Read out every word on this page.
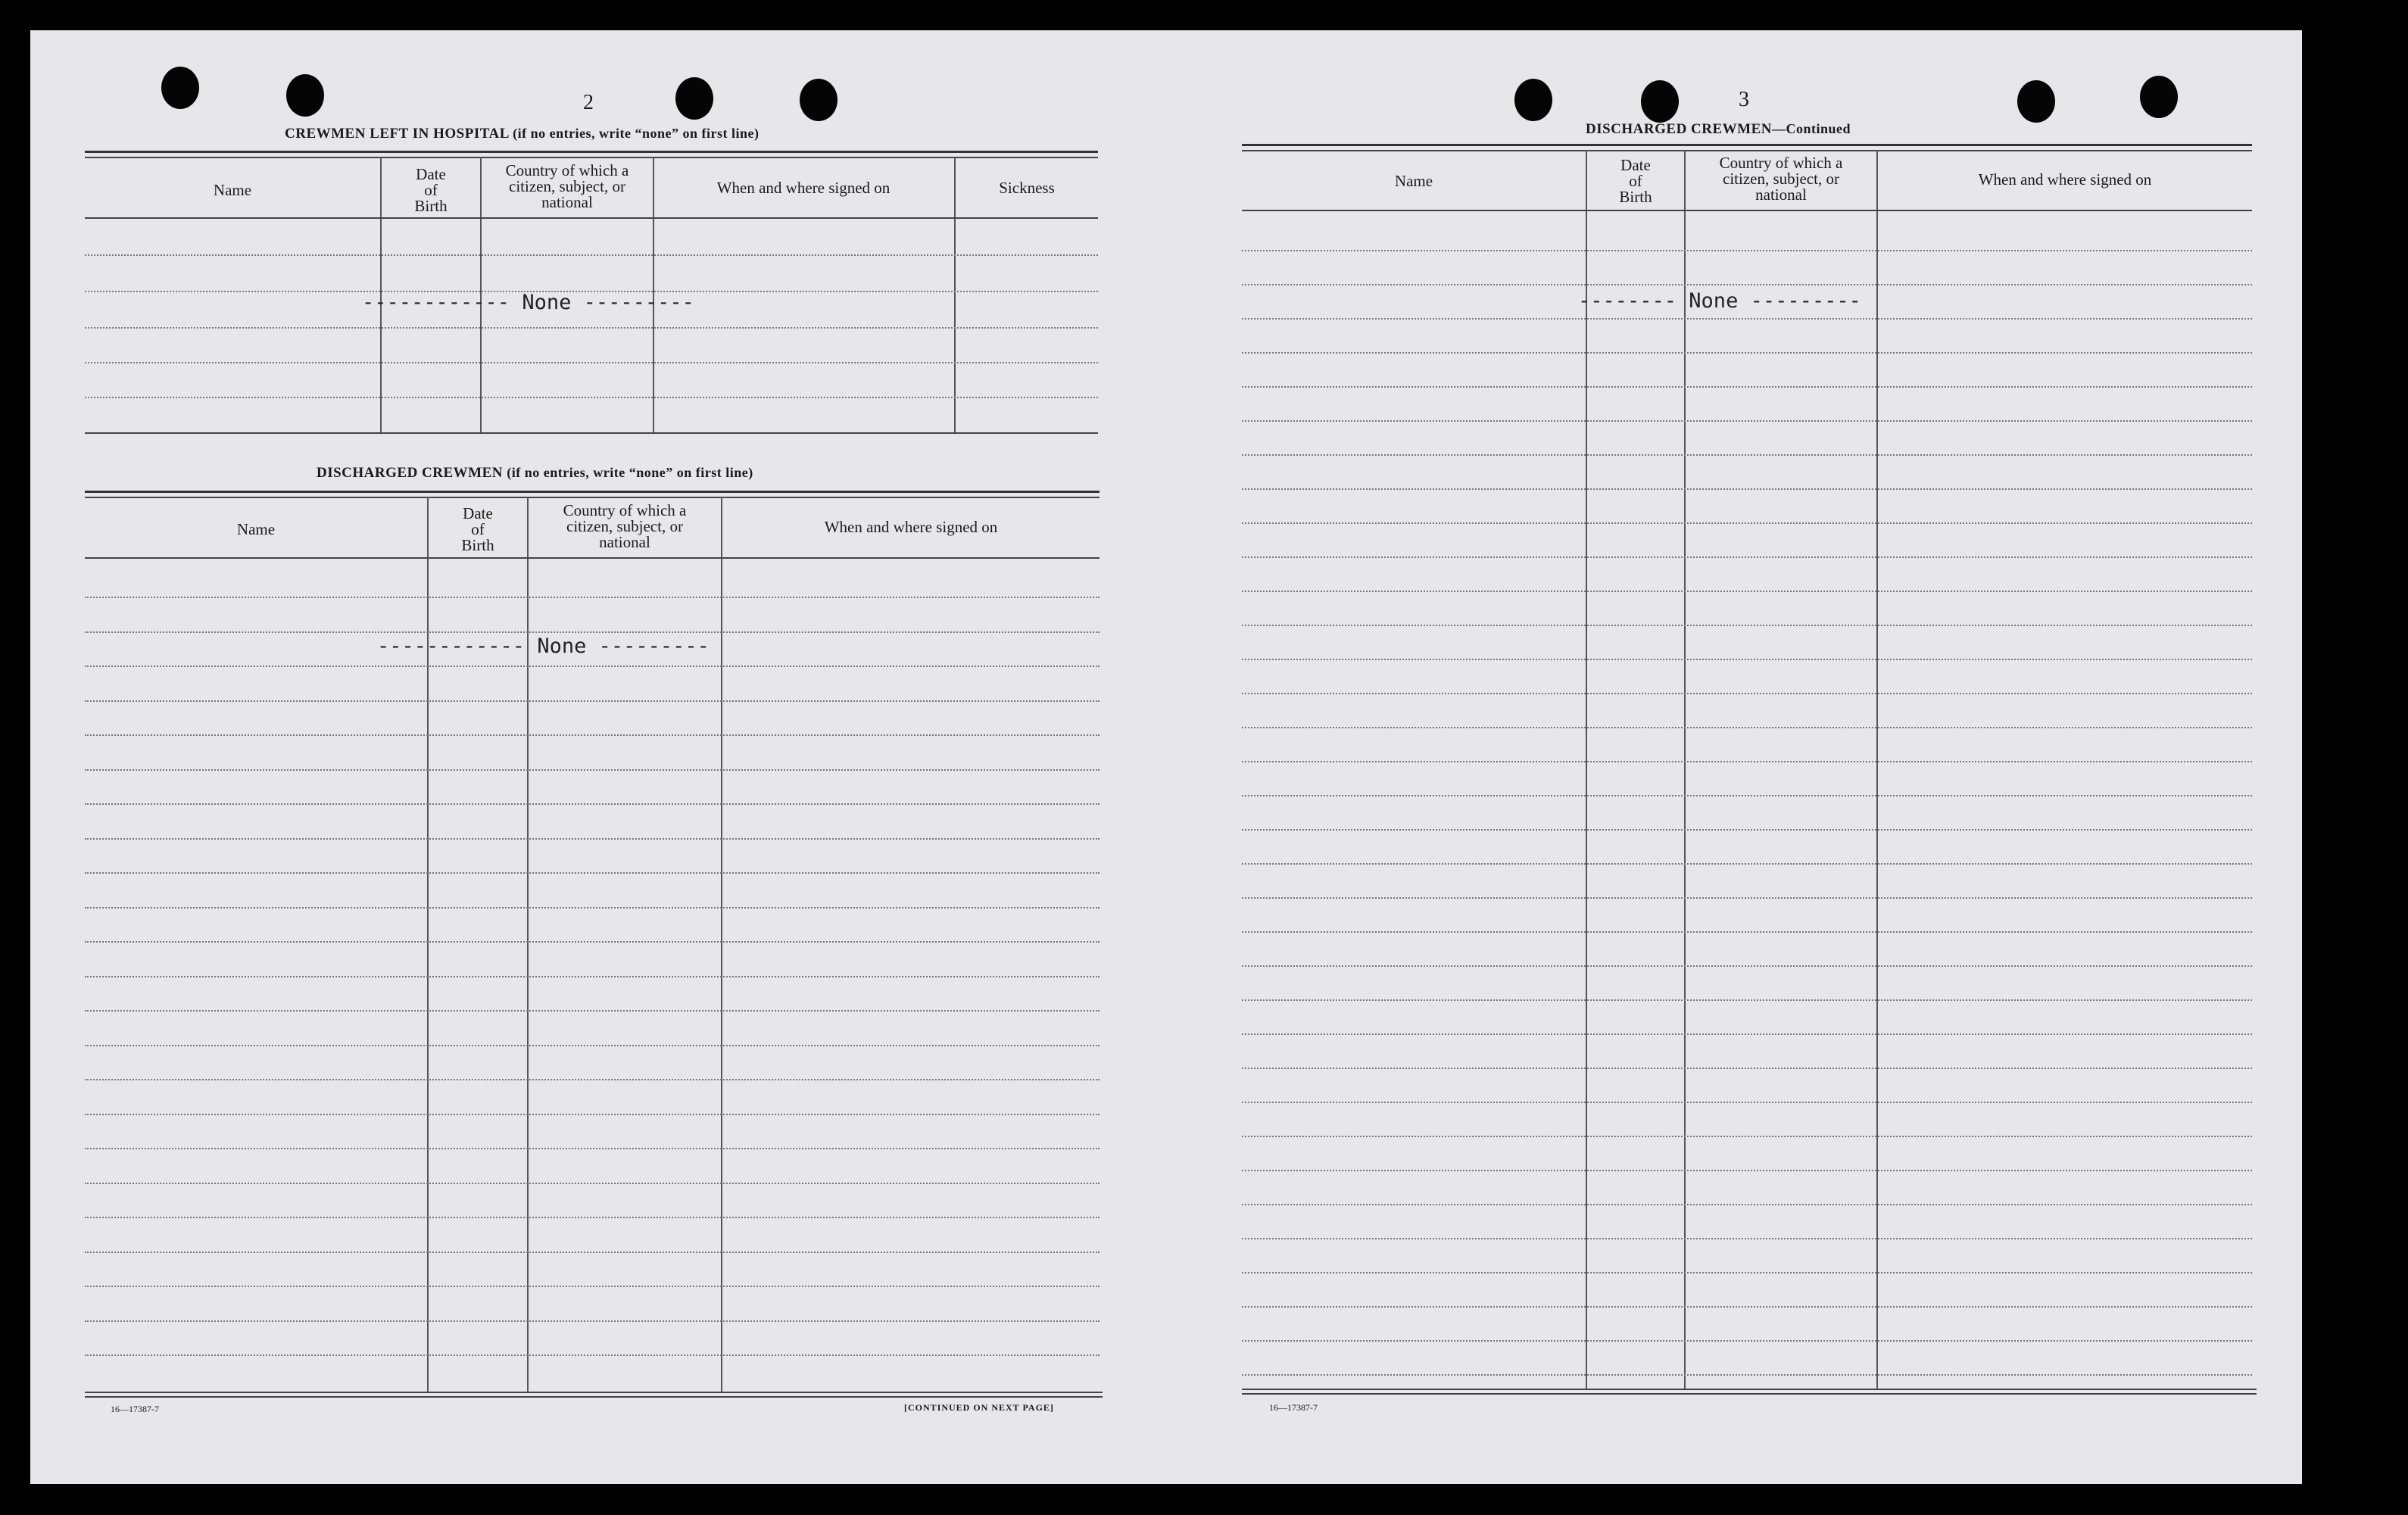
2
CREWMEN LEFT IN HOSPITAL (if no entries, write “none” on first line)
Name
Date
of
Birth
Country of which a
citizen, subject, or
national
When and where signed on	Sickness
------------ None ---------
DISCHARGED CREWMEN (if no entries, write “none” on first line)
Name
Date
of
Birth
Country of which a
citizen, subject, or
national
When and where signed on
------------ None ---------
16—17387-7	[CONTINUED ON NEXT PAGE]
3
DISCHARGED CREWMEN—Continued
Name
Date
of
Birth
Country of which a
citizen, subject, or
national
When and where signed on
-------- None ---------
16—17387-7
